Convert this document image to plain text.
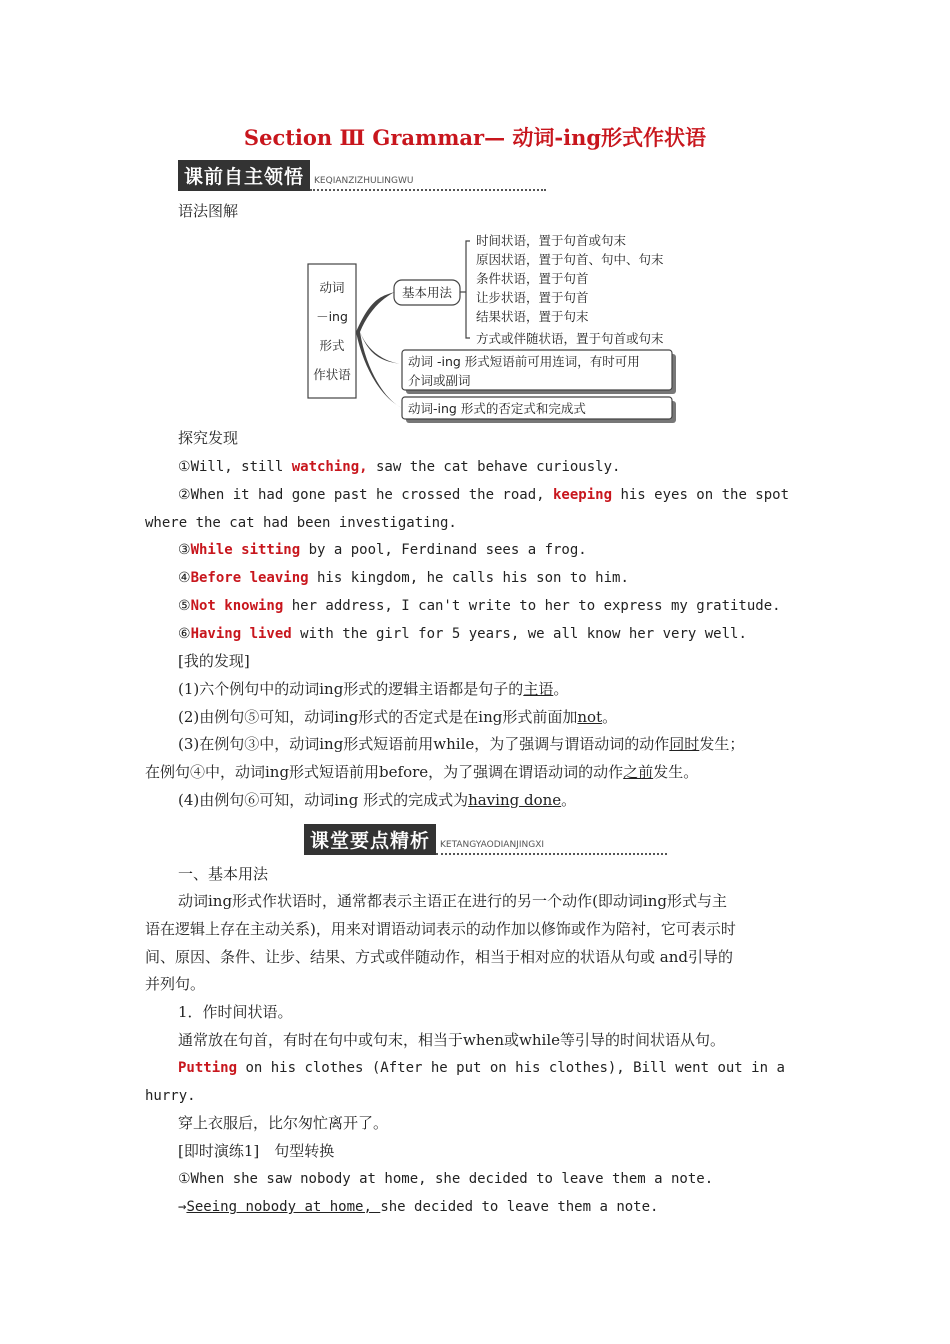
Section Ⅲ Grammar— 动词-ing形式作状语
课前自主领悟	KEQIANZIZHULINGWU
语法图解
动词
－ing
形式
作状语
基本用法
时间状语，置于句首或句末
原因状语，置于句首、句中、句末
条件状语，置于句首
让步状语，置于句首
结果状语，置于句末
方式或伴随状语，置于句首或句末
动词 -ing 形式短语前可用连词，有时可用
介词或副词
动词-ing 形式的否定式和完成式
探究发现
①Will, still watching, saw the cat behave curiously.
②When it had gone past he crossed the road, keeping his eyes on the spot
where the cat had been investigating.
③While sitting by a pool, Ferdinand sees a frog.
④Before leaving his kingdom, he calls his son to him.
⑤Not knowing her address, I can't write to her to express my gratitude.
⑥Having lived with the girl for 5 years, we all know her very well.
[我的发现]
(1)六个例句中的动词ing形式的逻辑主语都是句子的主语。
(2)由例句⑤可知，动词ing形式的否定式是在ing形式前面加not。
(3)在例句③中，动词ing形式短语前用while，为了强调与谓语动词的动作同时发生；
在例句④中，动词ing形式短语前用before，为了强调在谓语动词的动作之前发生。
(4)由例句⑥可知，动词ing 形式的完成式为having done。
课堂要点精析	KETANGYAODIANJINGXI
一、基本用法
动词ing形式作状语时，通常都表示主语正在进行的另一个动作(即动词ing形式与主
语在逻辑上存在主动关系)，用来对谓语动词表示的动作加以修饰或作为陪衬，它可表示时
间、原因、条件、让步、结果、方式或伴随动作，相当于相对应的状语从句或 and引导的
并列句。
1．作时间状语。
通常放在句首，有时在句中或句末，相当于when或while等引导的时间状语从句。
Putting on his clothes (After he put on his clothes), Bill went out in a
hurry.
穿上衣服后，比尔匆忙离开了。
[即时演练1]　句型转换
①When she saw nobody at home, she decided to leave them a note.
→Seeing nobody at home, she decided to leave them a note.
